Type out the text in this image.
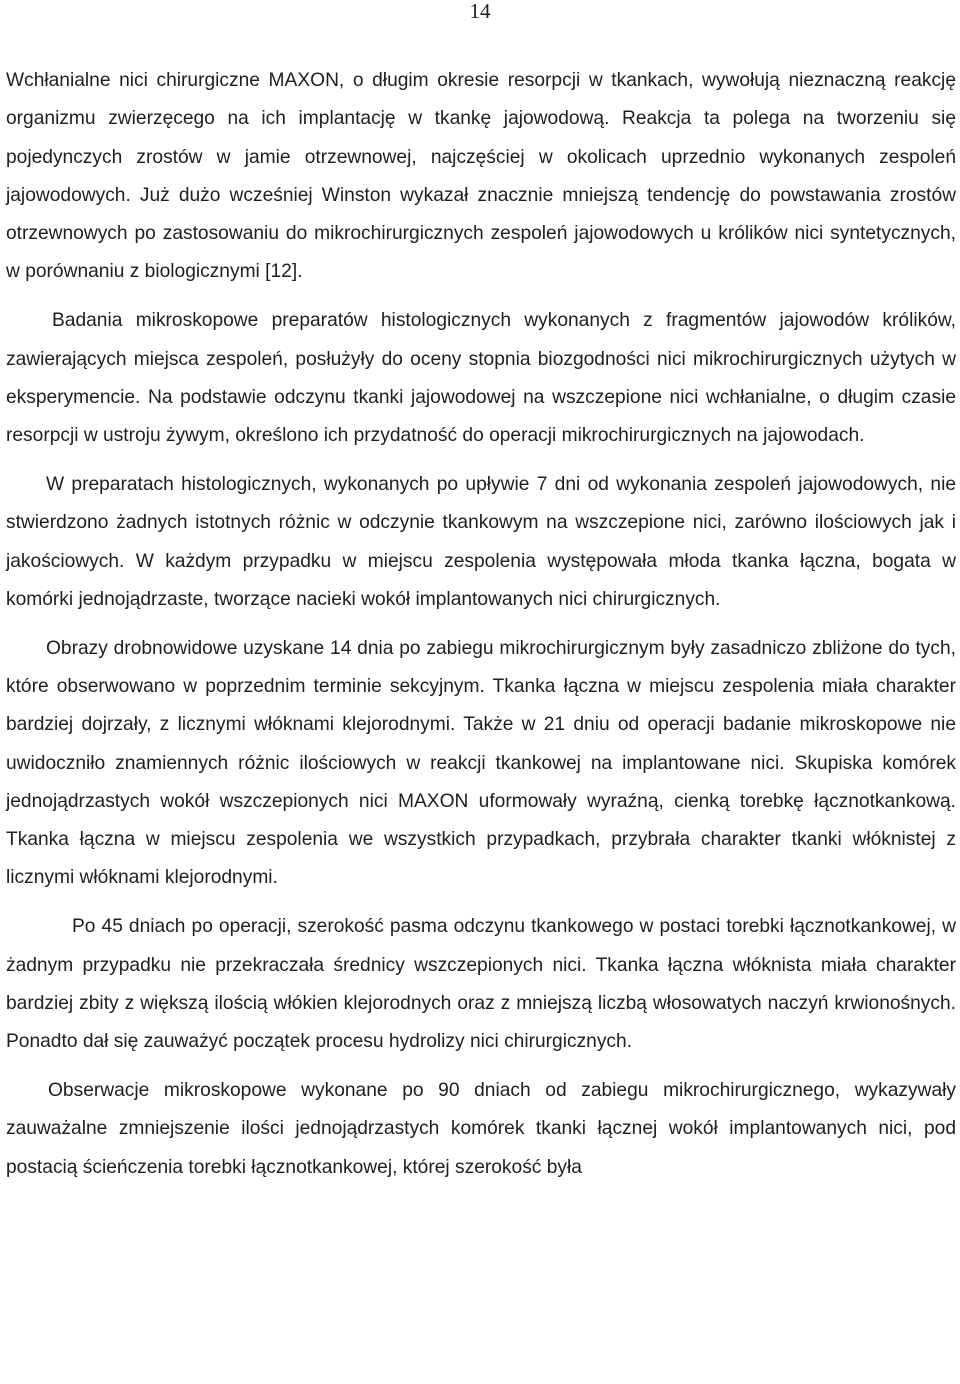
14

Wchłanialne nici chirurgiczne MAXON, o długim okresie resorpcji w tkankach, wywołują nieznaczną reakcję organizmu zwierzęcego na ich implantację w tkankę jajowodową. Reakcja ta polega na tworzeniu się pojedynczych zrostów w jamie otrzewnowej, najczęściej w okolicach uprzednio wykonanych zespoleń jajowodowych. Już dużo wcześniej Winston wykazał znacznie mniejszą tendencję do powstawania zrostów otrzewnowych po zastosowaniu do mikrochirurgicznych zespoleń jajowodowych u królików nici syntetycznych, w porównaniu z biologicznymi [12].

Badania mikroskopowe preparatów histologicznych wykonanych z fragmentów jajowodów królików, zawierających miejsca zespoleń, posłużyły do oceny stopnia biozgodności nici mikrochirurgicznych użytych w eksperymencie. Na podstawie odczynu tkanki jajowodowej na wszczepione nici wchłanialne, o długim czasie resorpcji w ustroju żywym, określono ich przydatność do operacji mikrochirurgicznych na jajowodach.

W preparatach histologicznych, wykonanych po upływie 7 dni od wykonania zespoleń jajowodowych, nie stwierdzono żadnych istotnych różnic w odczynie tkankowym na wszczepione nici, zarówno ilościowych jak i jakościowych. W każdym przypadku w miejscu zespolenia występowała młoda tkanka łączna, bogata w komórki jednojądrzaste, tworzące nacieki wokół implantowanych nici chirurgicznych.

Obrazy drobnowidowe uzyskane 14 dnia po zabiegu mikrochirurgicznym były zasadniczo zbliżone do tych, które obserwowano w poprzednim terminie sekcyjnym. Tkanka łączna w miejscu zespolenia miała charakter bardziej dojrzały, z licznymi włóknami klejorodnymi. Także w 21 dniu od operacji badanie mikroskopowe nie uwidoczniło znamiennych różnic ilościowych w reakcji tkankowej na implantowane nici. Skupiska komórek jednojądrzastych wokół wszczepionych nici MAXON uformowały wyraźną, cienką torebkę łącznotkankową. Tkanka łączna w miejscu zespolenia we wszystkich przypadkach, przybrała charakter tkanki włóknistej z licznymi włóknami klejorodnymi.

Po 45 dniach po operacji, szerokość pasma odczynu tkankowego w postaci torebki łącznotkankowej, w żadnym przypadku nie przekraczała średnicy wszczepionych nici. Tkanka łączna włóknista miała charakter bardziej zbity z większą ilością włókien klejorodnych oraz z mniejszą liczbą włosowatych naczyń krwionośnych. Ponadto dał się zauważyć początek procesu hydrolizy nici chirurgicznych.

Obserwacje mikroskopowe wykonane po 90 dniach od zabiegu mikrochirurgicznego, wykazywały zauważalne zmniejszenie ilości jednojądrzastych komórek tkanki łącznej wokół implantowanych nici, pod postacią ścieńczenia torebki łącznotkankowej, której szerokość była
